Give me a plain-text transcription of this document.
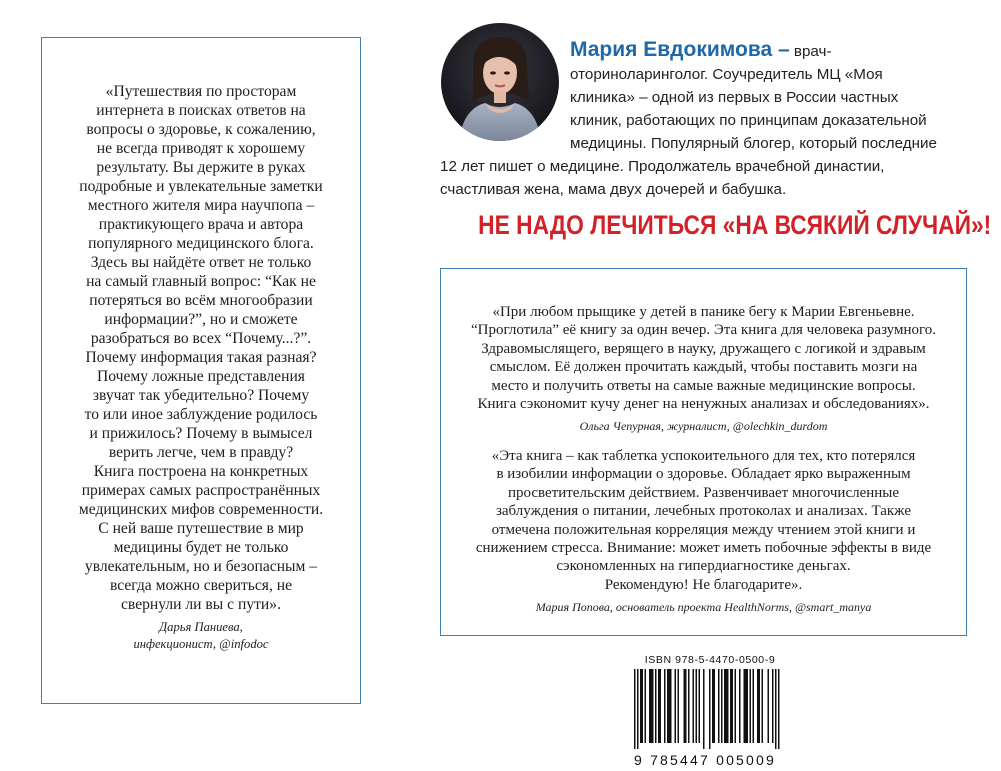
«Путешествия по просторам

интернета в поисках ответов на

вопросы о здоровье, к сожалению,

не всегда приводят к хорошему

результату. Вы держите в руках

подробные и увлекательные заметки

местного жителя мира научпопа –

практикующего врача и автора

популярного медицинского блога.

Здесь вы найдёте ответ не только

на самый главный вопрос: “Как не

потеряться во всём многообразии

информации?”, но и сможете

разобраться во всех “Почему...?”.

Почему информация такая разная?

Почему ложные представления

звучат так убедительно? Почему

то или иное заблуждение родилось

и прижилось? Почему в вымысел

верить легче, чем в правду?

Книга построена на конкретных

примерах самых распространённых

медицинских мифов современности.

С ней ваше путешествие в мир

медицины будет не только

увлекательным, но и безопасным –

всегда можно свериться, не

свернули ли вы с пути».

Дарья Паниева,
инфекционист, @infodoc

Мария Евдокимова – врач-
оториноларинголог. Соучредитель МЦ «Моя
клиника» – одной из первых в России частных
клиник, работающих по принципам доказательной
медицины. Популярный блогер, который последние
12 лет пишет о медицине. Продолжатель врачебной династии,
счастливая жена, мама двух дочерей и бабушка.
НЕ НАДО ЛЕЧИТЬСЯ «НА ВСЯКИЙ СЛУЧАЙ»!

«При любом прыщике у детей в панике бегу к Марии Евгеньевне.

“Проглотила” её книгу за один вечер. Эта книга для человека разумного.

Здравомыслящего, верящего в науку, дружащего с логикой и здравым

смыслом. Её должен прочитать каждый, чтобы поставить мозги на

место и получить ответы на самые важные медицинские вопросы.

Книга сэкономит кучу денег на ненужных анализах и обследованиях».

Ольга Чепурная, журналист, @olechkin_durdom

«Эта книга – как таблетка успокоительного для тех, кто потерялся

в изобилии информации о здоровье. Обладает ярко выраженным

просветительским действием. Развенчивает многочисленные

заблуждения о питании, лечебных протоколах и анализах. Также

отмечена положительная корреляция между чтением этой книги и

снижением стресса. Внимание: может иметь побочные эффекты в виде

сэкономленных на гипердиагностике деньгах.

Рекомендую! Не благодарите».

Мария Попова, основатель проекта HealthNorms, @smart_manya

ISBN 978-5-4470-0500-9
9 785447 005009
